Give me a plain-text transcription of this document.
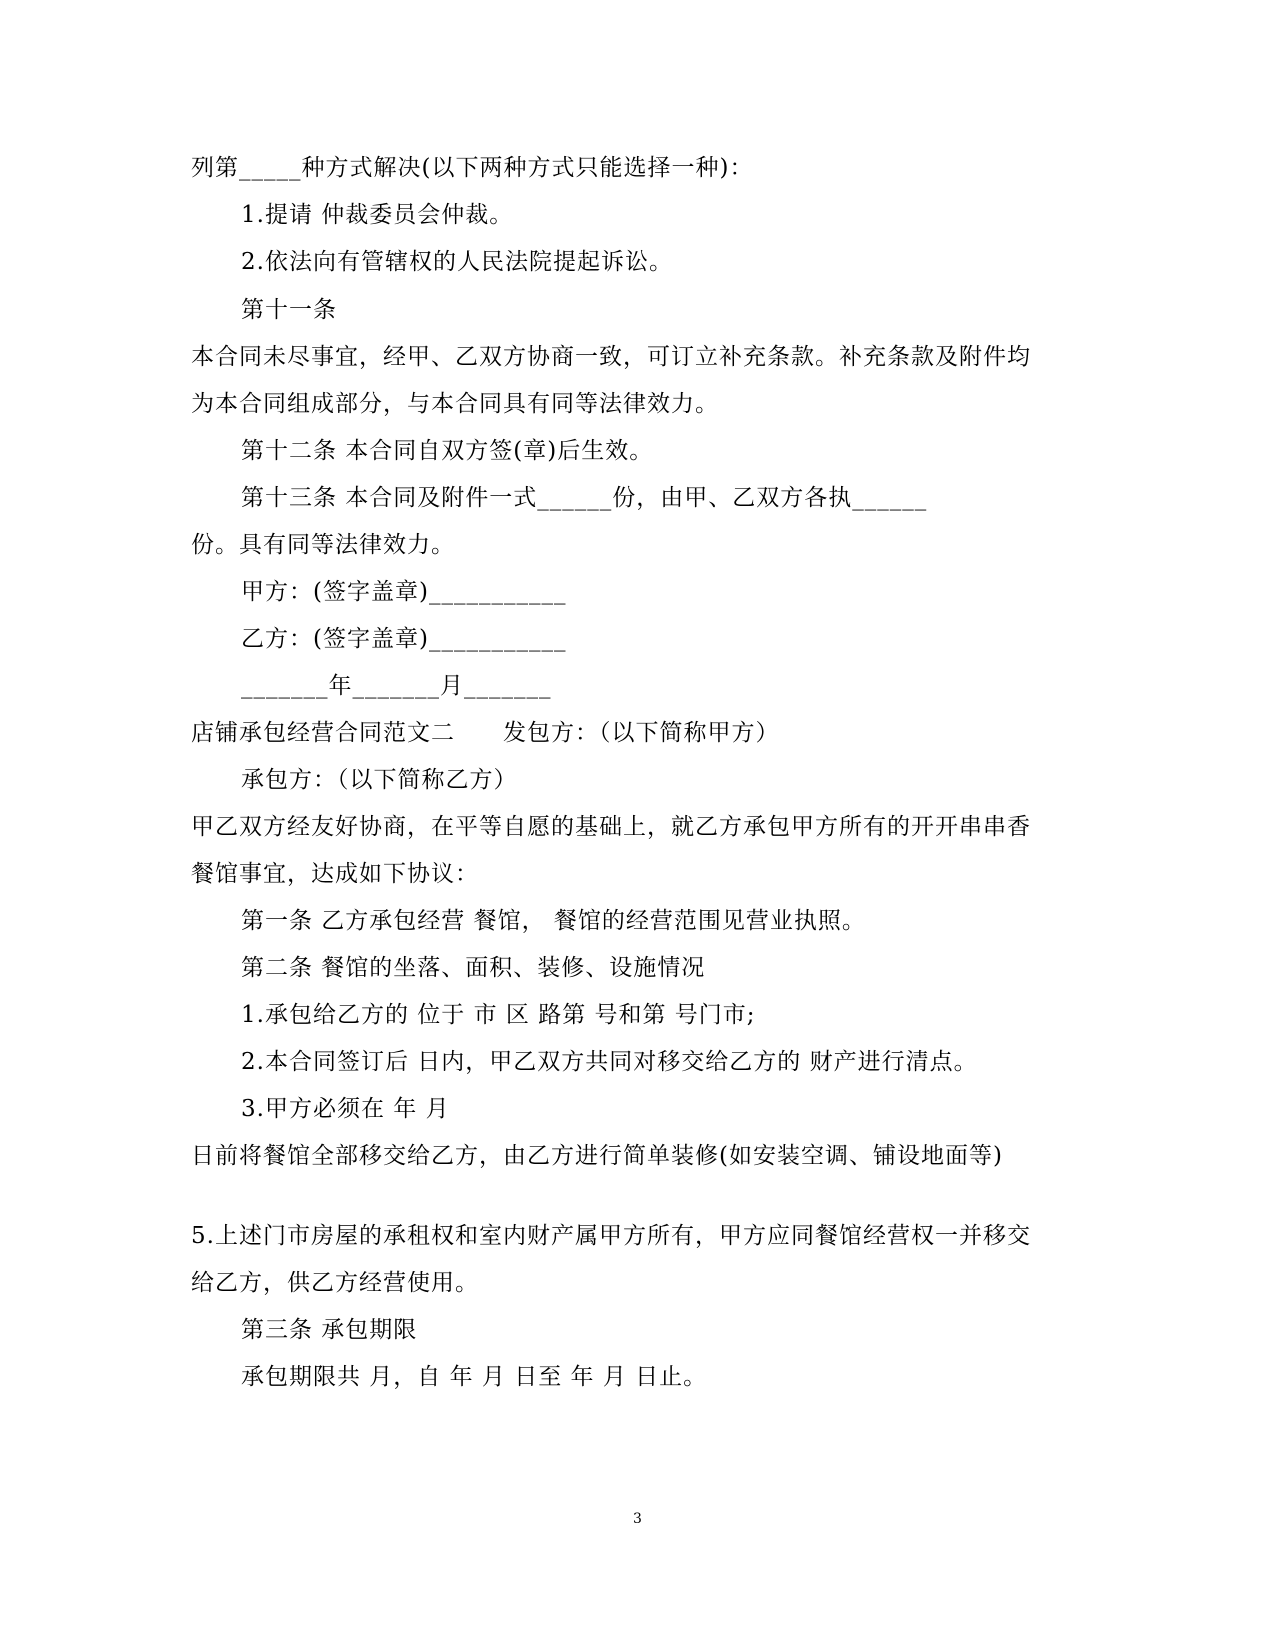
列第_____种方式解决(以下两种方式只能选择一种)：
1.提请 仲裁委员会仲裁。
2.依法向有管辖权的人民法院提起诉讼。
第十一条
本合同未尽事宜，经甲、乙双方协商一致，可订立补充条款。补充条款及附件均
为本合同组成部分，与本合同具有同等法律效力。
第十二条 本合同自双方签(章)后生效。
第十三条 本合同及附件一式______份，由甲、乙双方各执______
份。具有同等法律效力。
甲方：(签字盖章)___________
乙方：(签字盖章)___________
_______年_______月_______
店铺承包经营合同范文二　　发包方：（以下简称甲方）
承包方：（以下简称乙方）
甲乙双方经友好协商，在平等自愿的基础上，就乙方承包甲方所有的开开串串香
餐馆事宜，达成如下协议：
第一条 乙方承包经营 餐馆， 餐馆的经营范围见营业执照。
第二条 餐馆的坐落、面积、装修、设施情况
1.承包给乙方的 位于 市 区 路第 号和第 号门市;
2.本合同签订后 日内，甲乙双方共同对移交给乙方的 财产进行清点。
3.甲方必须在 年 月
日前将餐馆全部移交给乙方，由乙方进行简单装修(如安装空调、铺设地面等)
5.上述门市房屋的承租权和室内财产属甲方所有，甲方应同餐馆经营权一并移交
给乙方，供乙方经营使用。
第三条 承包期限
承包期限共 月，自 年 月 日至 年 月 日止。
3
